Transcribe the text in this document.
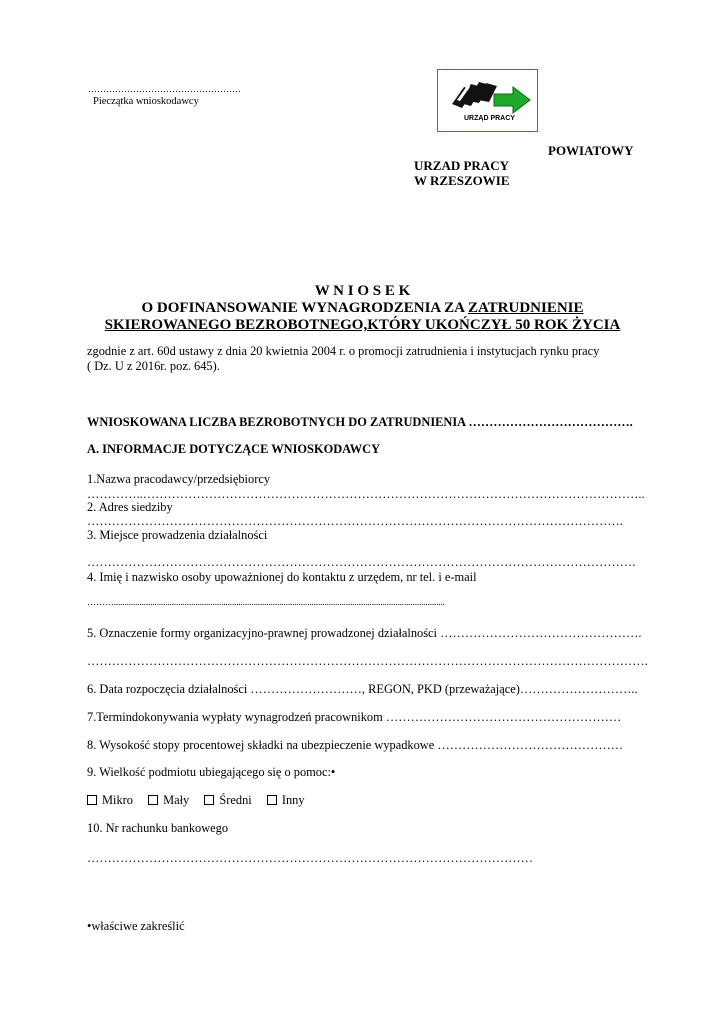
……………………………………………
Pieczątka wnioskodawcy
URZĄD PRACY
POWIATOWY
URZAD PRACY
W RZESZOWIE
W N I O S E K
O DOFINANSOWANIE WYNAGRODZENIA ZA ZATRUDNIENIE
SKIEROWANEGO BEZROBOTNEGO,KTÓRY UKOŃCZYŁ 50 ROK ŻYCIA
zgodnie z art. 60d ustawy z dnia 20 kwietnia 2004 r. o promocji zatrudnienia i instytucjach rynku pracy
( Dz. U z 2016r. poz. 645).
WNIOSKOWANA LICZBA BEZROBOTNYCH DO ZATRUDNIENIA ………………………………….
A. INFORMACJE DOTYCZĄCE WNIOSKODAWCY
1.Nazwa pracodawcy/przedsiębiorcy
…………..…………………………………………………………………………………………………………..
2. Adres siedziby
………………………………………………………………………………………………………………….
3. Miejsce prowadzenia działalności
…………………………………………………………………………………………………………………….
4. Imię i nazwisko osoby upoważnionej do kontaktu z urzędem, nr tel. i e-mail
………..........................................................................................................................................................
5. Oznaczenie formy organizacyjno-prawnej prowadzonej działalności ………………………………………….
……………………………………………………………………………………………………………………….
6. Data rozpoczęcia działalności ………………………, REGON, PKD (przeważające)………………………..
7.Termindokonywania wypłaty wynagrodzeń pracownikom …………………………………………………
8. Wysokość stopy procentowej składki na ubezpieczenie wypadkowe ………………………………………
9. Wielkość podmiotu ubiegającego się o pomoc:•
Mikro Mały Średni Inny
10. Nr rachunku bankowego
………………………………………………………………………………………………
•właściwe zakreślić
